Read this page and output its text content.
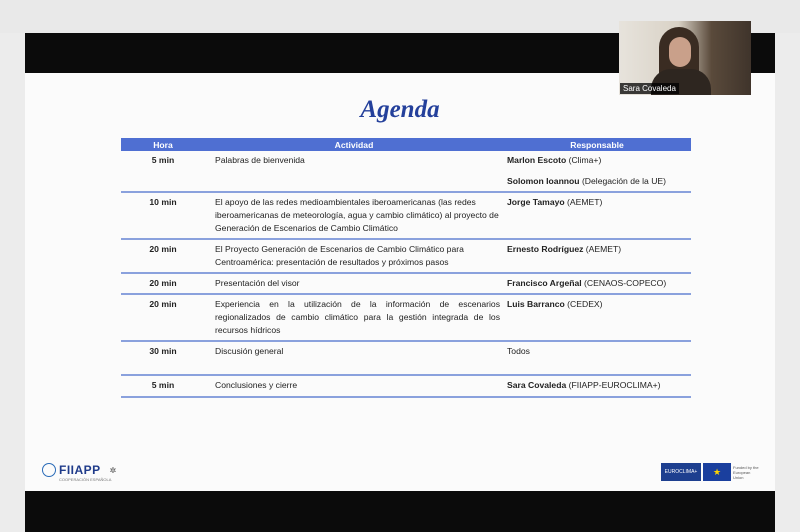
Sara Covaleda
Agenda
Hora	Actividad	Responsable
5 min	Palabras de bienvenida	Marlon Escoto (Clima+)
Solomon Ioannou (Delegación de la UE)

10 min	El apoyo de las redes medioambientales iberoamericanas (las redes iberoamericanas de meteorología, agua y cambio climático) al proyecto de Generación de Escenarios de Cambio Climático	Jorge Tamayo (AEMET)
20 min	El Proyecto Generación de Escenarios de Cambio Climático para Centroamérica: presentación de resultados y próximos pasos	Ernesto Rodríguez (AEMET)
20 min	Presentación del visor	Francisco Argeñal (CENAOS-COPECO)
20 min	Experiencia en la utilización de la información de escenarios regionalizados de cambio climático para la gestión integrada de los recursos hídricos	Luis Barranco (CEDEX)
30 min	Discusión general	Todos
5 min	Conclusiones y cierre	Sara Covaleda (FIIAPP-EUROCLIMA+)
FIIAPP ✲
COOPERACIÓN ESPAÑOLA
EUROCLIMA+	★	Funded by the European Union
